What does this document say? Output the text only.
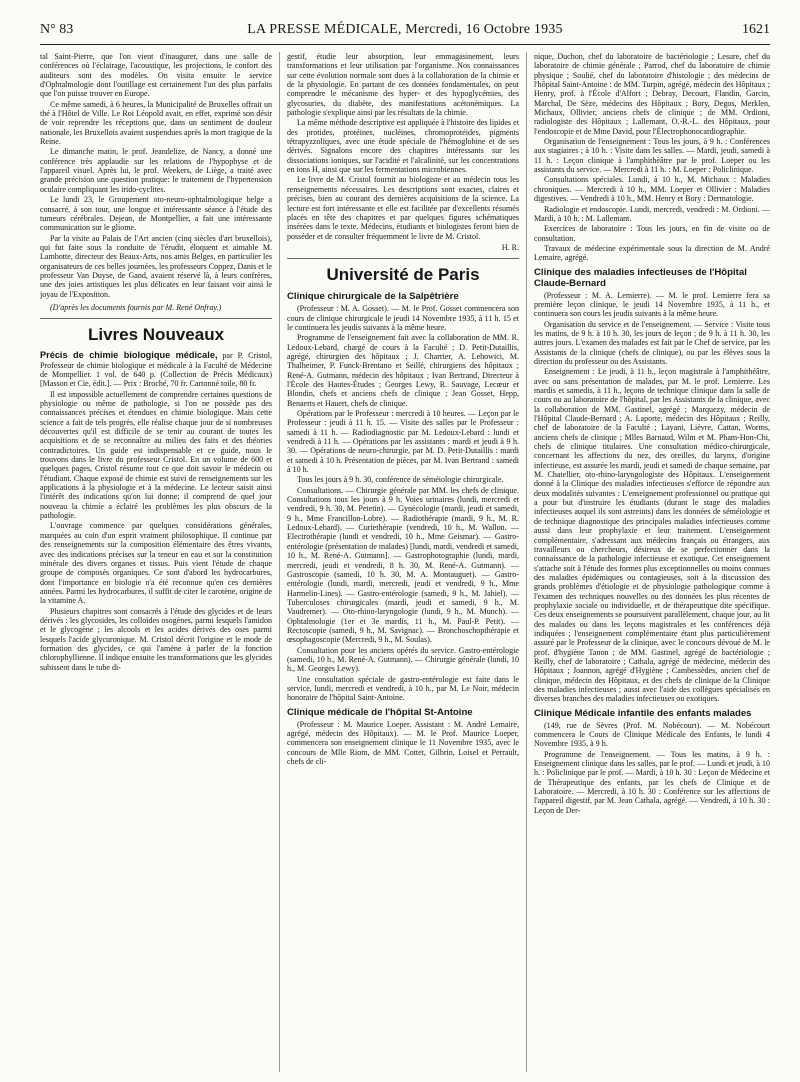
N° 83	LA PRESSE MÉDICALE, Mercredi, 16 Octobre 1935	1621

tal Saint-Pierre, que l'on vient d'inaugurer, dans une salle de conférences où l'éclairage, l'acoustique, les projections, le confort des auditeurs sont des modèles. On visita ensuite le service d'Ophtalmologie dont l'outillage est certainement l'un des plus parfaits que l'on puisse trouver en Europe.

Ce même samedi, à 6 heures, la Municipalité de Bruxelles offrait un thé à l'Hôtel de Ville. Le Roi Léopold avait, en effet, exprimé son désir de voir reprendre les réceptions que, dans un sentiment de douleur nationale, les Bruxellois avaient suspendues après la mort tragique de la Reine.

Le dimanche matin, le prof. Jeandelize, de Nancy, a donné une conférence très applaudie sur les relations de l'hypophyse et de l'appareil visuel. Après lui, le prof. Weekers, de Liège, a traité avec grande précision une question pratique: le traitement de l'hypertension oculaire compliquant les irido-cyclites.

Le lundi 23, le Groupement oto-neuro-ophtalmologique belge a consacré, à son tour, une longue et intéressante séance à l'étude des tumeurs cérébrales. Dejean, de Montpellier, a fait une intéressante communication sur le gliome.

Par la visite au Palais de l'Art ancien (cinq siècles d'art bruxellois), qui fut faite sous la conduite de l'érudit, éloquent et aimable M. Lambotte, directeur des Beaux-Arts, nos amis Belges, en particulier les organisateurs de ces belles journées, les professeurs Coppez, Danis et le professeur Van Duyse, de Gand, avaient réservé là, à leurs confrères, une des joies artistiques les plus délicates en leur faisant voir ainsi le joyau de l'Exposition.

(D'après les documents fournis par M. René Onfray.)

Livres Nouveaux

Précis de chimie biologique médicale, par P. Cristol, Professeur de chimie biologique et médicale à la Faculté de Médecine de Montpellier. 1 vol. de 640 p. (Collection de Précis Médicaux) [Masson et Cie, édit.]. — Prix : Broché, 70 fr. Cartonné toile, 80 fr.

Il est impossible actuellement de comprendre certaines questions de physiologie ou même de pathologie, si l'on ne possède pas des connaissances précises et étendues en chimie biologique. Mais cette science a fait de tels progrès, elle réalise chaque jour de si nombreuses découvertes qu'il est difficile de se tenir au courant de toutes les acquisitions et de se reconnaître au milieu des faits et des théories contradictoires. Un guide est indispensable et ce guide, nous le trouvons dans le livre du professeur Cristol. En un volume de 600 et quelques pages, Cristol résume tout ce que doit savoir le médecin ou l'étudiant. Chaque exposé de chimie est suivi de renseignements sur les applications à la physiologie et à la médecine. Le lecteur saisit ainsi l'intérêt des indications qu'on lui donne; il comprend de quel jour nouveau la chimie a éclairé les problèmes les plus obscurs de la pathologie.

L'ouvrage commence par quelques considérations générales, marquées au coin d'un esprit vraiment philosophique. Il continue par des renseignements sur la composition élémentaire des êtres vivants, avec des indications précises sur la teneur en eau et sur la constitution minérale des divers organes et tissus. Puis vient l'étude de chaque groupe de composés organiques. Ce sont d'abord les hydrocarbures, dont l'importance en biologie n'a été reconnue qu'en ces dernières années. Parmi les hydrocarbures, il suffit de citer le carotène, origine de la vitamine A.

Plusieurs chapitres sont consacrés à l'étude des glycides et de leurs dérivés : les glycosides, les colloïdes osogènes, parmi lesquels l'amidon et le glycogène ; les alcools et les acides dérivés des oses parmi lesquels l'acide glycuronique. M. Cristol décrit l'origine et le mode de formation des glycides, ce qui l'amène à parler de la fonction chlorophyllienne. Il indique ensuite les transformations que les glycides subissent dans le tube di-

gestif, étudie leur absorption, leur emmagasinement, leurs transformations et leur utilisation par l'organisme. Nos connaissances sur cette évolution normale sont dues à la collaboration de la chimie et de la physiologie. En partant de ces données fondamentales, on peut comprendre le mécanisme des hyper- et des hypoglycémies, des glycosuries, du diabète, des manifestations acétonémiques. La pathologie s'explique ainsi par les résultats de la chimie.

La même méthode descriptive est appliquée à l'histoire des lipides et des protides, protéines, nucléines, chromoprotéides, pigments tétrapyzzoliques, avec une étude spéciale de l'hémoglobine et de ses dérivés. Signalons encore des chapitres intéressants sur les dissociations ioniques, sur l'acidité et l'alcalinité, sur les concentrations en ions H, ainsi que sur les fermentations microbiennes.

Le livre de M. Cristol fournit au biologiste et au médecin tous les renseignements nécessaires. Les descriptions sont exactes, claires et précises, bien au courant des dernières acquisitions de la science. La lecture est fort intéressante et elle est facilitée par d'excellents résumés placés en tête des chapitres et par quelques figures schématiques insérées dans le texte. Médecins, étudiants et biologistes feront bien de posséder et de consulter fréquemment le livre de M. Cristol.

H. R.
Université de Paris
Clinique chirurgicale de la Salpêtrière

(Professeur : M. A. Gosset). — M. le Prof. Gosset commencera son cours de clinique chirurgicale le jeudi 14 Novembre 1935, à 11 h. 15 et le continuera les jeudis suivants à la même heure.

Programme de l'enseignement fait avec la collaboration de MM. R. Ledoux-Lebard, chargé de cours à la Faculté ; D. Petit-Dutaillis, agrégé, chirurgien des hôpitaux ; J. Charrier, A. Lehowici, M. Thalheimer, P. Funck-Brentano et Seillé, chirurgiens des hôpitaux ; René-A. Gutmann, médecin des hôpitaux ; Ivan Bertrand, Directeur à l'École des Hautes-Études ; Georges Lewy, R. Sauvage, Lecœur et Blondin, chefs et anciens chefs de clinique ; Jean Gosset, Hepp, Benaerts et Hauert, chefs de clinique.

Opérations par le Professeur : mercredi à 10 heures. — Leçon par le Professeur : jeudi à 11 h. 15. — Visite des salles par le Professeur : samedi à 11 h. — Radiodiagnostic par M. Ledoux-Lebard : lundi et vendredi à 11 h. — Opérations par les assistants : mardi et jeudi à 9 h. 30. — Opérations de neuro-chirurgie, par M. D. Petit-Dutaillis : mardi et samedi à 10 h. Présentation de pièces, par M. Ivan Bertrand : samedi à 10 h.

Tous les jours à 9 h. 30, conférence de séméiologie chirurgicale.

Consultations. — Chirurgie générale par MM. les chefs de clinique. Consultations tous les jours à 9 h. Voies urinaires (lundi, mercredi et vendredi, 9 h. 30, M. Petetin). — Gynécologie (mardi, jeudi et samedi, 9 h., Mme Francillon-Lobre). — Radiothérapie (mardi, 9 h., M. R. Ledoux-Lebard). — Curiethérapie (vendredi, 10 h., M. Wallon. — Electrothérapie (lundi et vendredi, 10 h., Mme Geismar). — Gastro-entérologie (présentation de malades) [lundi, mardi, vendredi et samedi, 10 h., M. René-A. Gutmann]. — Gastrophotographie (lundi, mardi, mercredi, jeudi et vendredi, 8 h. 30, M. René-A. Gutmann). — Gastroscopie (samedi, 10 h. 30, M. A. Montauguet). — Gastro-entérologie (lundi, mardi, mercredi, jeudi et vendredi, 9 h., Mme Harmelin-Lines). — Gastro-entérologie (samedi, 9 h., M. Jahiel). — Tuberculoses chirurgicales (mardi, jeudi et samedi, 9 h., M. Vaudremer). — Oto-rhino-laryngologie (lundi, 9 h., M. Munch). — Ophtalmologie (1er et 3e mardis, 11 h., M. Paul-P. Petit). — Rectoscopie (samedi, 9 h., M. Savignac). — Bronchoschopthérapie et œsophagoscopie (Mercredi, 9 h., M. Soulas).

Consultation pour les anciens opérés du service. Gastro-entérologie (samedi, 10 h., M. René-A. Gutmann). — Chirurgie générale (lundi, 10 h., M. Georges Lewy).

Une consultation spéciale de gastro-entérologie est faite dans le service, lundi, mercredi et vendredi, à 10 h., par M. Le Noir, médecin honoraire de l'hôpital Saint-Antoine.

Clinique médicale de l'hôpital St-Antoine

(Professeur : M. Maurice Loeper. Assistant : M. André Lemaire, agrégé, médecin des Hôpitaux). — M. le Prof. Maurice Loeper, commencera son enseignement clinique le 11 Novembre 1935, avec le concours de Mlle Riom, de MM. Cottet, Gilbrin, Loisel et Perrault, chefs de cli-

nique, Duchon, chef du laboratoire de bactériologie ; Lesure, chef du laboratoire de chimie générale ; Parrod, chef du laboratoire de chimie physique ; Soulié, chef du laboratoire d'histologie ; des médecins de l'hôpital Saint-Antoine : de MM. Turpin, agrégé, médecin des Hôpitaux ; Henry, prof. à l'École d'Alfort ; Debray, Decourt, Flandin, Garcin, Marchal, De Sèze, médecins des Hôpitaux ; Bory, Degos, Merklen, Michaux, Ollivier, anciens chefs de clinique ; de MM. Ordioni, radiologiste des Hôpitaux ; Lallemant, O.-R.-L. des Hôpitaux, pour l'endoscopie et de Mme David, pour l'Électrophonocardiographie.

Organisation de l'enseignement : Tous les jours, à 9 h. : Conférences aux stagiaires ; à 10 h. : Visite dans les salles. — Mardi, jeudi, samedi à 11 h. : Leçon clinique à l'amphithéâtre par le prof. Loeper ou les assistants du service. — Mercredi à 11 h. : M. Loeper : Policlinique.

Consultations spéciales. Lundi, à 10 h., M. Michaux : Maladies chroniques. — Mercredi à 10 h., MM. Loeper et Ollivier : Maladies digestives. — Vendredi à 10 h., MM. Henry et Bory : Dermatologie.

Radiologie et endoscopie. Lundi, mercredi, vendredi : M. Ordioni. — Mardi, à 10 h. : M. Lallemant.

Exercices de laboratoire : Tous les jours, en fin de visite ou de consultation.

Travaux de médecine expérimentale sous la direction de M. André Lemaire, agrégé.

Clinique des maladies infectieuses de l'Hôpital Claude-Bernard

(Professeur : M. A. Lemierre). — M. le prof. Lemierre fera sa première leçon clinique, le jeudi 14 Novembre 1935, à 11 h., et continuera son cours les jeudis suivants à la même heure.

Organisation du service et de l'enseignement. — Service : Visite tous les matins, de 9 h. à 10 h. 30, les jours de leçon ; de 9 h. à 11 h. 30, les autres jours. L'examen des malades est fait par le Chef de service, par les Assistants de la clinique (chefs de clinique), ou par les élèves sous la direction du professeur ou des Assistants.

Enseignement : Le jeudi, à 11 h., leçon magistrale à l'amphithéâtre, avec ou sans présentation de malades, par M. le prof. Lemierre. Les mardis et samedis, à 11 h., leçons de technique clinique dans la salle de cours ou au laboratoire de l'hôpital, par les Assistants de la clinique, avec la collaboration de MM. Gastinel, agrégé ; Marquezy, médecin de l'Hôpital Claude-Bernard ; A. Laporte, médecin des Hôpitaux ; Reilly, chef de laboratoire de la Faculté ; Layani, Lièvre, Cattan, Worms, anciens chefs de clinique ; Mlles Barnaud, Wilm et M. Pham-Hon-Chi, chefs de clinique titulaires. Une consultation médico-chirurgicale, concernant les affections du nez, des oreilles, du larynx, d'origine infectieuse, est assurée les mardi, jeudi et samedi de chaque semaine, par M. Chatellier, oto-rhino-laryngologiste des Hôpitaux. L'enseignement donné à la Clinique des maladies infectieuses s'efforce de répondre aux deux modalités suivantes : L'enseignement professionnel ou pratique qui a pour but d'instruire les étudiants (durant le stage des maladies infectieuses auquel ils sont astreints) dans les données de séméiologie et de technique diagnostique des principales maladies infectieuses comme aussi dans leur prophylaxie et leur traitement. L'enseignement complémentaire, s'adressant aux médecins français ou étrangers, aux travailleurs ou chercheurs, désireux de se perfectionner dans la connaissance de la pathologie infectieuse et exotique. Cet enseignement s'attache soit à l'étude des formes plus exceptionnelles ou moins connues des maladies épidémiques ou contagieuses, soit à la discussion des grands problèmes d'étiologie et de physiologie pathologique comme à l'examen des techniques nouvelles ou des données les plus récentes de prophylaxie sociale ou individuelle, et de thérapeutique dite spécifique. Ces deux enseignements se poursuivent parallèlement, chaque jour, au lit des malades ou dans les leçons magistrales et les conférences déjà indiquées ; l'enseignement complémentaire étant plus particulièrement assuré par le Professeur de la clinique, avec le concours dévoué de M. le prof. d'hygiène Tanon ; de MM. Gastinel, agrégé de bactériologie ; Reilly, chef de laboratoire ; Cathala, agrégé de médecine, médecin des Hôpitaux ; Joannon, agrégé d'Hygiène ; Cambessèdes, ancien chef de clinique, médecin des Hôpitaux, et des chefs de clinique de la Clinique des maladies infectieuses ; aussi avec l'aide des collègues spécialisés en diverses branches des maladies infectieuses ou exotiques.

Clinique Médicale infantile des enfants malades

(149, rue de Sèvres (Prof. M. Nobécourt). — M. Nobécourt commencera le Cours de Clinique Médicale des Enfants, le lundi 4 Novembre 1935, à 9 h.

Programme de l'enseignement. — Tous les matins, à 9 h. : Enseignement clinique dans les salles, par le prof. — Lundi et jeudi, à 10 h. : Policlinique par le prof. — Mardi, à 10 h. 30 : Leçon de Médecine et de Thérapeutique des enfants, par les chefs de Clinique et de Laboratoire. — Mercredi, à 10 h. 30 : Conférence sur les affections de l'appareil digestif, par M. Jean Cathala, agrégé. — Vendredi, à 10 h. 30 : Leçon de Der-
